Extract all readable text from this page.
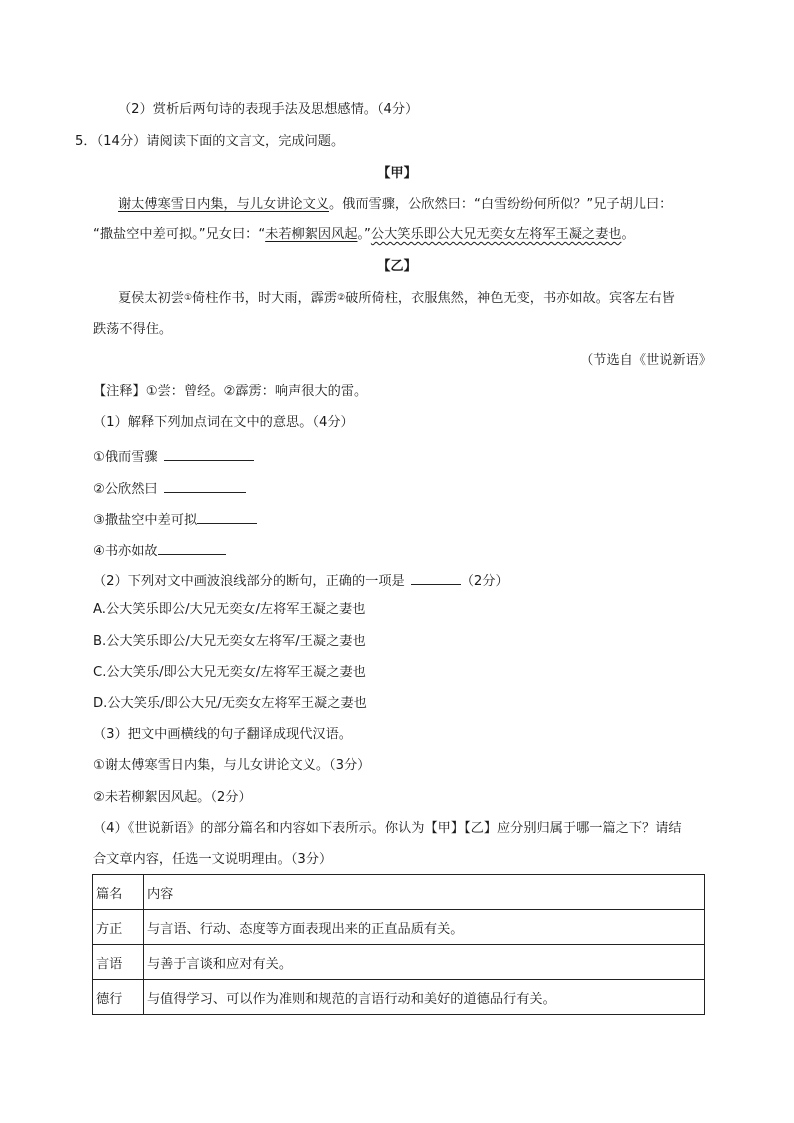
（2）赏析后两句诗的表现手法及思想感情。（4分）
5．（14分）请阅读下面的文言文，完成问题。
【甲】
谢太傅寒雪日内集，与儿女讲论文义。俄而雪骤，公欣然曰：“白雪纷纷何所似？”兄子胡儿曰：
“撒盐空中差可拟。”兄女曰：“未若柳絮因风起。”公大笑乐即公大兄无奕女左将军王凝之妻也。
【乙】
夏侯太初尝①倚柱作书，时大雨，霹雳②破所倚柱，衣服焦然，神色无变，书亦如故。宾客左右皆
跌荡不得住。
（节选自《世说新语》
【注释】①尝：曾经。②霹雳：响声很大的雷。
（1）解释下列加点词在文中的意思。（4分）
①俄而雪骤
②公欣然曰
③撒盐空中差可拟
④书亦如故
（2）下列对文中画波浪线部分的断句，正确的一项是	（2分）
A.公大笑乐即公/大兄无奕女/左将军王凝之妻也
B.公大笑乐即公/大兄无奕女左将军/王凝之妻也
C.公大笑乐/即公大兄无奕女/左将军王凝之妻也
D.公大笑乐/即公大兄/无奕女左将军王凝之妻也
（3）把文中画横线的句子翻译成现代汉语。
①谢太傅寒雪日内集，与儿女讲论文义。（3分）
②未若柳絮因风起。（2分）
（4）《世说新语》的部分篇名和内容如下表所示。你认为【甲】【乙】应分别归属于哪一篇之下？请结
合文章内容，任选一文说明理由。（3分）
篇名	内容
方正	与言语、行动、态度等方面表现出来的正直品质有关。
言语	与善于言谈和应对有关。
德行	与值得学习、可以作为准则和规范的言语行动和美好的道德品行有关。
